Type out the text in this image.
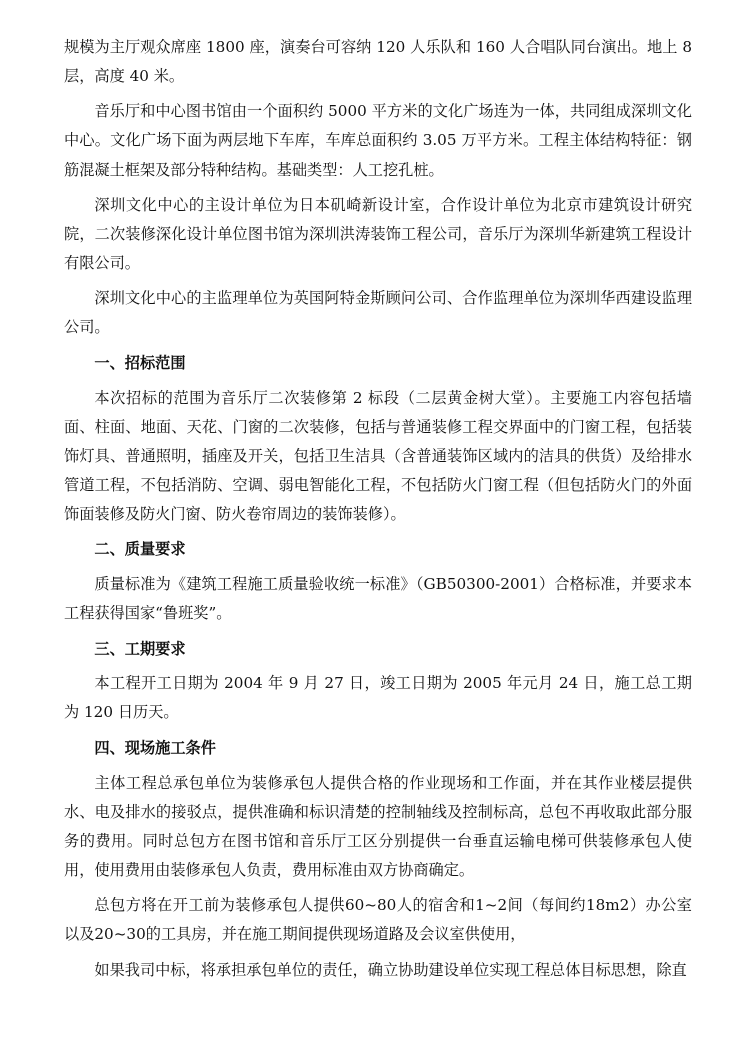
规模为主厅观众席座 1800 座，演奏台可容纳 120 人乐队和 160 人合唱队同台演出。地上 8 层，高度 40 米。

音乐厅和中心图书馆由一个面积约 5000 平方米的文化广场连为一体，共同组成深圳文化中心。文化广场下面为两层地下车库，车库总面积约 3.05 万平方米。工程主体结构特征：钢筋混凝土框架及部分特种结构。基础类型：人工挖孔桩。

深圳文化中心的主设计单位为日本矶崎新设计室，合作设计单位为北京市建筑设计研究院，二次装修深化设计单位图书馆为深圳洪涛装饰工程公司，音乐厅为深圳华新建筑工程设计有限公司。

深圳文化中心的主监理单位为英国阿特金斯顾问公司、合作监理单位为深圳华西建设监理公司。

一、招标范围

本次招标的范围为音乐厅二次装修第 2 标段（二层黄金树大堂）。主要施工内容包括墙面、柱面、地面、天花、门窗的二次装修，包括与普通装修工程交界面中的门窗工程，包括装饰灯具、普通照明，插座及开关，包括卫生洁具（含普通装饰区域内的洁具的供货）及给排水管道工程，不包括消防、空调、弱电智能化工程，不包括防火门窗工程（但包括防火门的外面饰面装修及防火门窗、防火卷帘周边的装饰装修）。

二、质量要求

质量标准为《建筑工程施工质量验收统一标准》（GB50300-2001）合格标准，并要求本工程获得国家“鲁班奖”。

三、工期要求

本工程开工日期为 2004 年 9 月 27 日，竣工日期为 2005 年元月 24 日，施工总工期为 120 日历天。

四、现场施工条件

主体工程总承包单位为装修承包人提供合格的作业现场和工作面，并在其作业楼层提供水、电及排水的接驳点，提供准确和标识清楚的控制轴线及控制标高，总包不再收取此部分服务的费用。同时总包方在图书馆和音乐厅工区分别提供一台垂直运输电梯可供装修承包人使用，使用费用由装修承包人负责，费用标准由双方协商确定。

总包方将在开工前为装修承包人提供60~80人的宿舍和1~2间（每间约18m2）办公室以及20~30的工具房，并在施工期间提供现场道路及会议室供使用，

如果我司中标，将承担承包单位的责任，确立协助建设单位实现工程总体目标思想，除直
